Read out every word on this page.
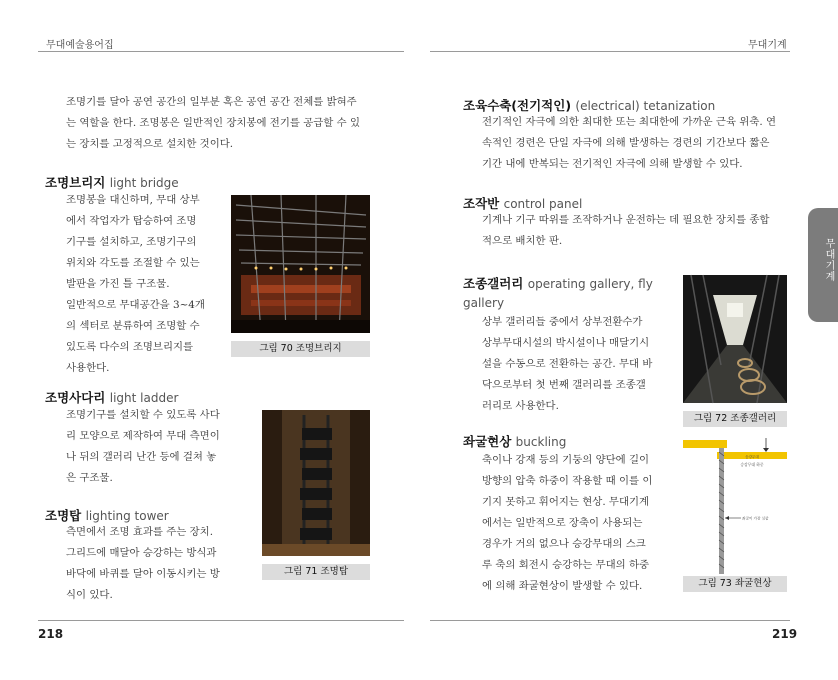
무대예술용어집	무대기계
무대기계
조명기를 달아 공연 공간의 일부분 혹은 공연 공간 전체를 밝혀주
는 역할을 한다. 조명봉은 일반적인 장치봉에 전기를 공급할 수 있
는 장치를 고정적으로 설치한 것이다.
조명브리지 light bridge
조명봉을 대신하며, 무대 상부
에서 작업자가 탑승하여 조명
기구를 설치하고, 조명기구의
위치와 각도를 조절할 수 있는
발판을 가진 틀 구조물.
일반적으로 무대공간을 3~4개
의 섹터로 분류하여 조명할 수
있도록 다수의 조명브리지를
사용한다.
그림 70 조명브리지
조명사다리 light ladder
조명기구를 설치할 수 있도록 사다
리 모양으로 제작하여 무대 측면이
나 뒤의 갤러리 난간 등에 걸쳐 놓
은 구조물.
그림 71 조명탑
조명탑 lighting tower
측면에서 조명 효과를 주는 장치.
그리드에 매달아 승강하는 방식과
바닥에 바퀴를 달아 이동시키는 방
식이 있다.
조육수축(전기적인) (electrical) tetanization
전기적인 자극에 의한 최대한 또는 최대한에 가까운 근육 위축. 연
속적인 경련은 단일 자극에 의해 발생하는 경련의 기간보다 짧은
기간 내에 반복되는 전기적인 자극에 의해 발생할 수 있다.
조작반 control panel
기계나 기구 따위를 조작하거나 운전하는 데 필요한 장치를 종합
적으로 배치한 판.
조종갤러리 operating gallery, fly
gallery
상부 갤러리들 중에서 상부전환수가
상부무대시설의 박시설이나 매달기시
설을 수동으로 전환하는 공간. 무대 바
닥으로부터 첫 번째 갤러리를 조종갤
러리로 사용한다.
그림 72 조종갤러리
좌굴현상 buckling
축이나 강재 등의 기둥의 양단에 길이
방향의 압축 하중이 작용할 때 이를 이
기지 못하고 휘어지는 현상. 무대기계
에서는 일반적으로 장축이 사용되는
경우가 거의 없으나 승강무대의 스크
루 축의 회전시 승강하는 무대의 하중
에 의해 좌굴현상이 발생할 수 있다.
승강무대
승강무대 하중
좌굴이 가장 심함
그림 73 좌굴현상
218	219
